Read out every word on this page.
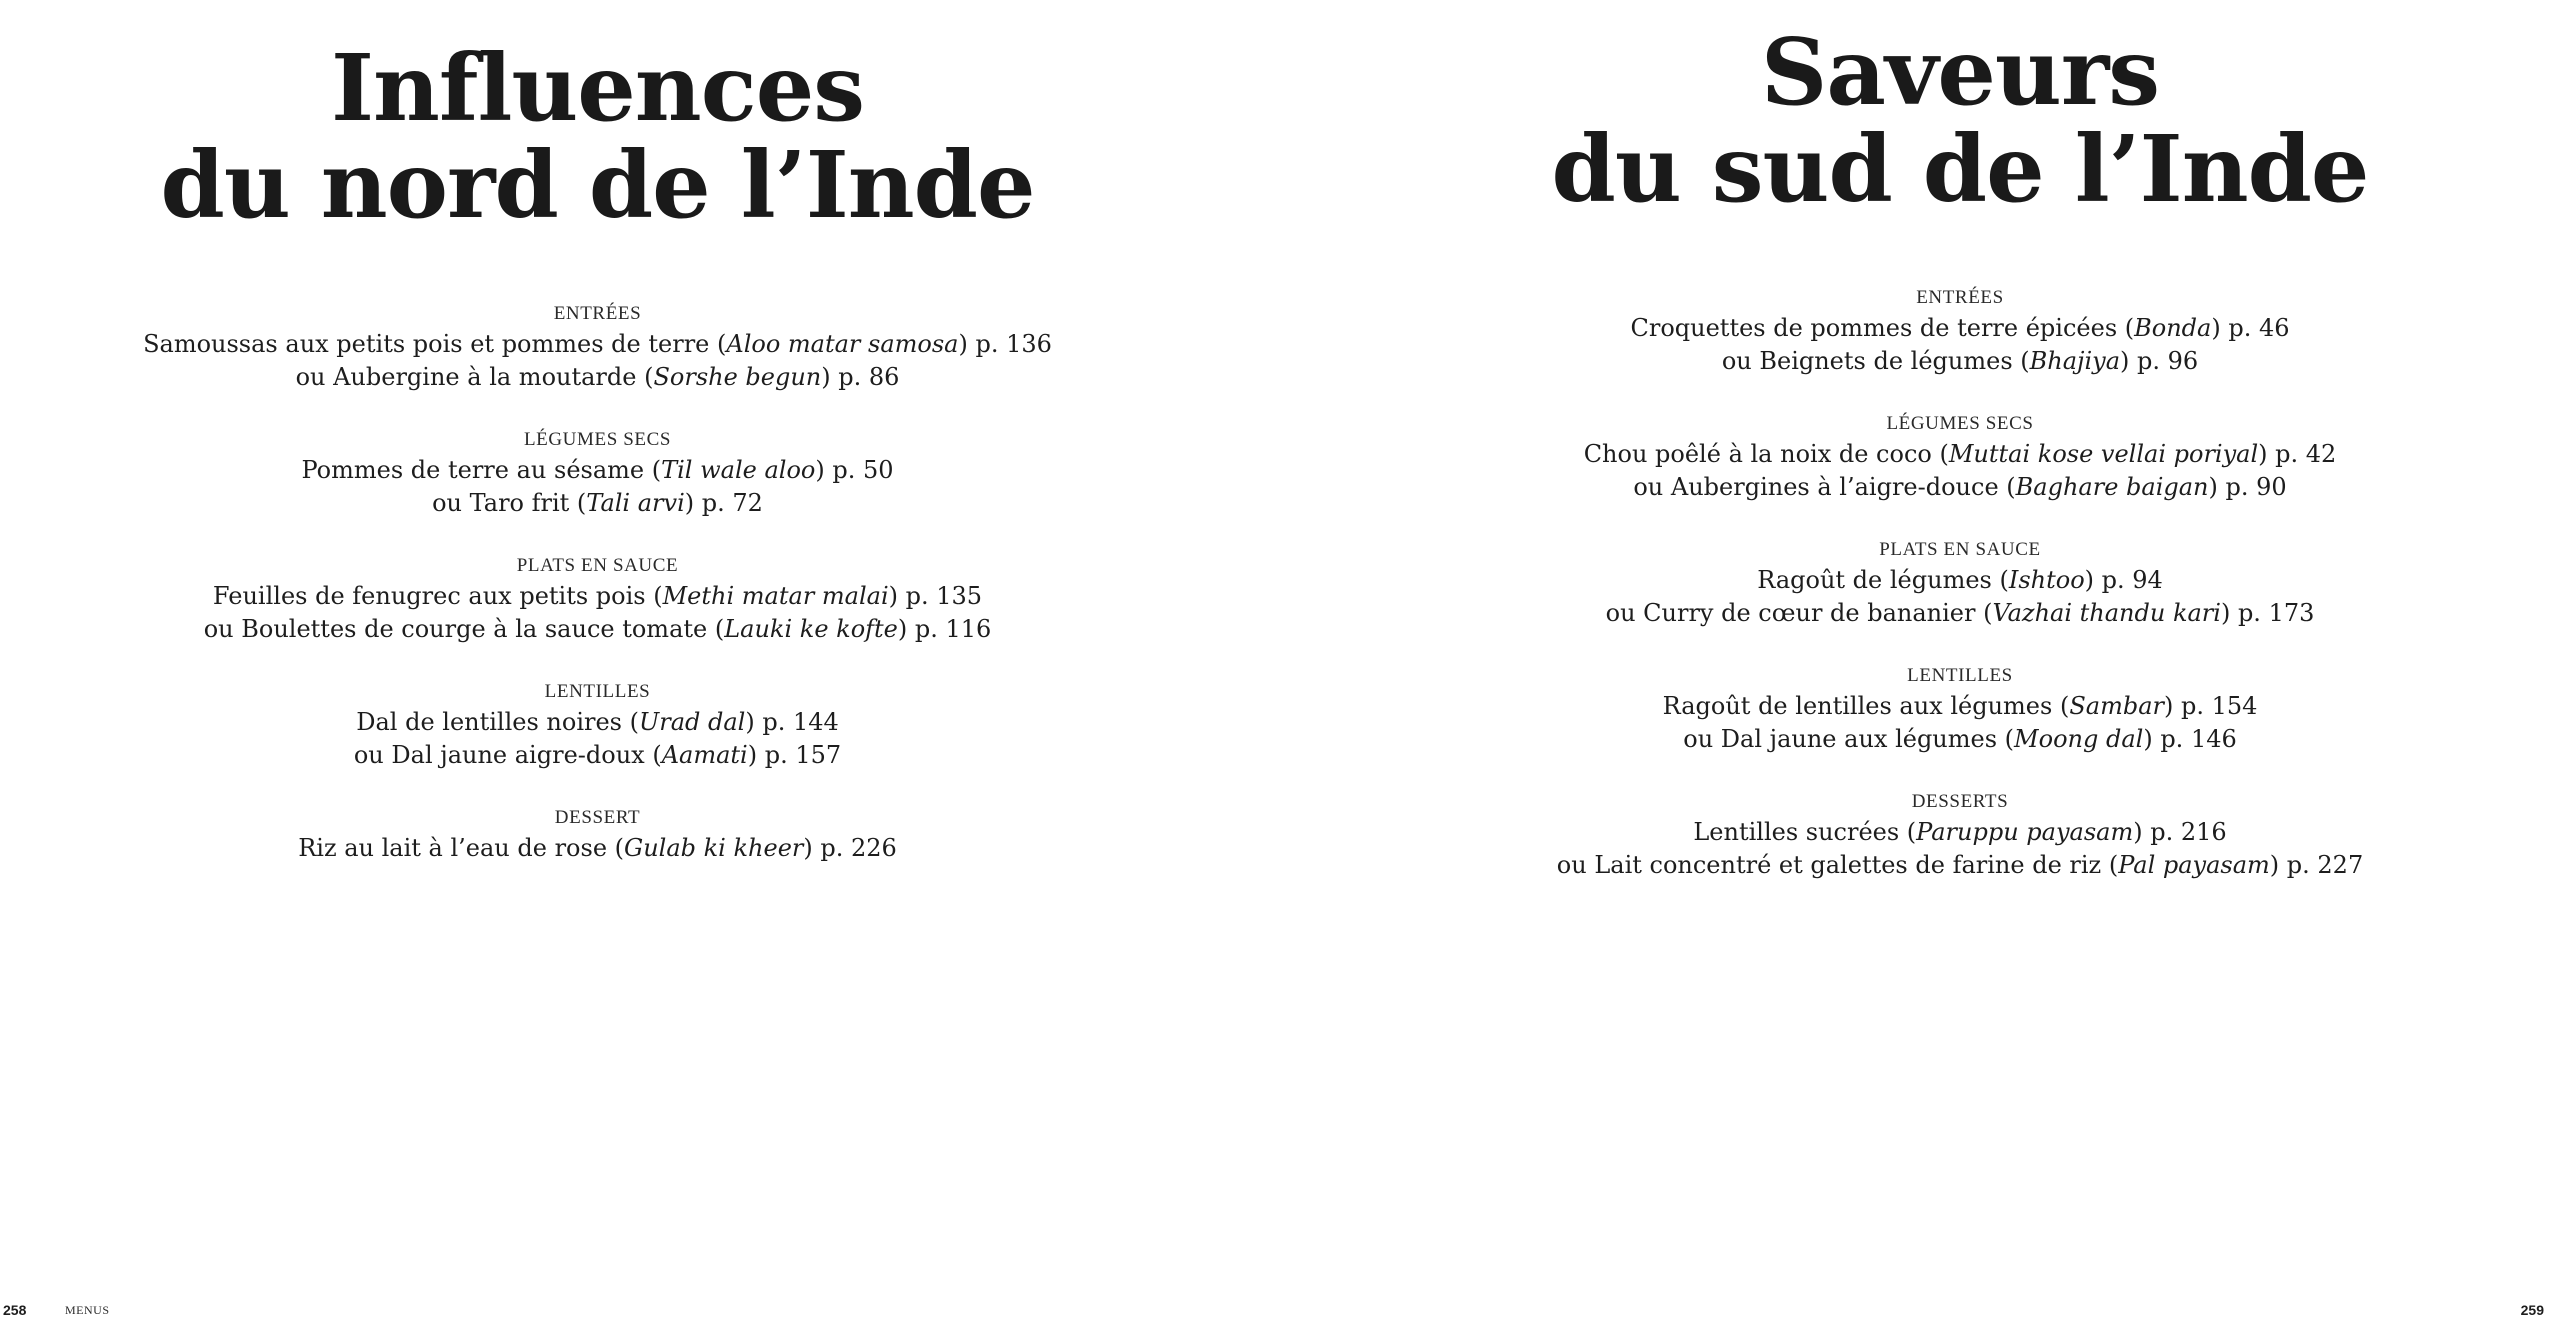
Influences
du nord de l’Inde
ENTRÉES
Samoussas aux petits pois et pommes de terre (Aloo matar samosa) p. 136
ou Aubergine à la moutarde (Sorshe begun) p. 86
LÉGUMES SECS
Pommes de terre au sésame (Til wale aloo) p. 50
ou Taro frit (Tali arvi) p. 72
PLATS EN SAUCE
Feuilles de fenugrec aux petits pois (Methi matar malai) p. 135
ou Boulettes de courge à la sauce tomate (Lauki ke kofte) p. 116
LENTILLES
Dal de lentilles noires (Urad dal) p. 144
ou Dal jaune aigre-doux (Aamati) p. 157
DESSERT
Riz au lait à l’eau de rose (Gulab ki kheer) p. 226
Saveurs
du sud de l’Inde
ENTRÉES
Croquettes de pommes de terre épicées (Bonda) p. 46
ou Beignets de légumes (Bhajiya) p. 96
LÉGUMES SECS
Chou poêlé à la noix de coco (Muttai kose vellai poriyal) p. 42
ou Aubergines à l’aigre-douce (Baghare baigan) p. 90
PLATS EN SAUCE
Ragoût de légumes (Ishtoo) p. 94
ou Curry de cœur de bananier (Vazhai thandu kari) p. 173
LENTILLES
Ragoût de lentilles aux légumes (Sambar) p. 154
ou Dal jaune aux légumes (Moong dal) p. 146
DESSERTS
Lentilles sucrées (Paruppu payasam) p. 216
ou Lait concentré et galettes de farine de riz (Pal payasam) p. 227
258	MENUS	259
